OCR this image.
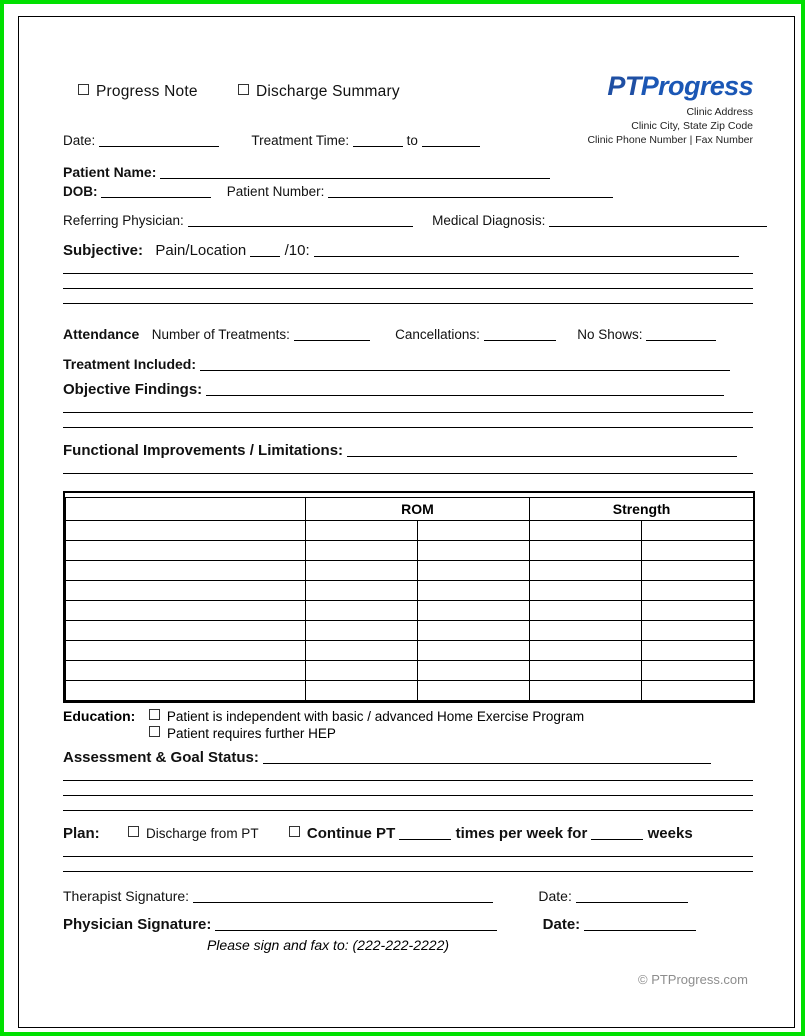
Progress Note	Discharge Summary	PTProgress
Clinic Address
Clinic City, State Zip Code
Clinic Phone Number | Fax Number
Date:	Treatment Time:	to
Patient Name:
DOB:	Patient Number:
Referring Physician:	Medical Diagnosis:
Subjective: Pain/Location	/10:
Attendance Number of Treatments:	Cancellations:	No Shows:
Treatment Included:
Objective Findings:
Functional Improvements / Limitations:
	ROM		Strength	

Education: Patient is independent with basic / advanced Home Exercise Program
Patient requires further HEP
Assessment & Goal Status:
Plan:	Discharge from PT	Continue PT	times per week for	weeks
Therapist Signature:	Date:
Physician Signature:	Date:
Please sign and fax to: (222-222-2222)
© PTProgress.com
